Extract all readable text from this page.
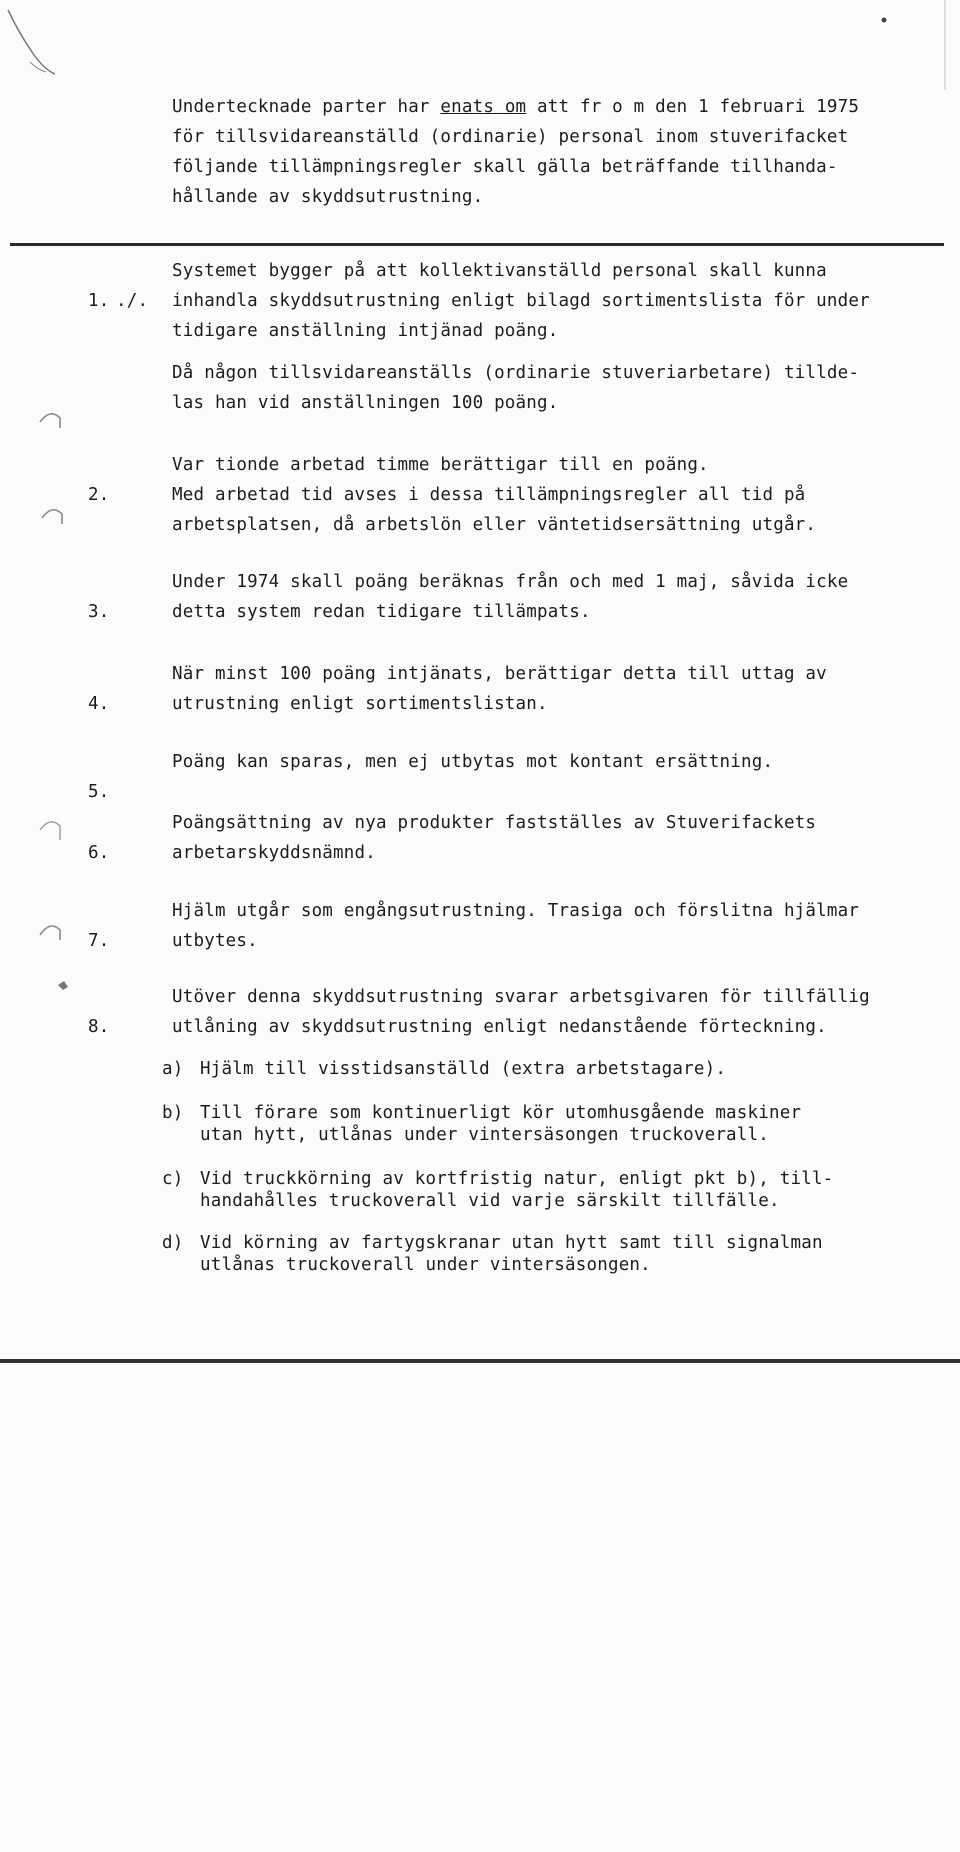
Undertecknade parter har enats om att fr o m den 1 februari 1975
för tillsvidareanställd (ordinarie) personal inom stuverifacket
följande tillämpningsregler skall gälla beträffande tillhanda-
hållande av skyddsutrustning.

1.

./.

Systemet bygger på att kollektivanställd personal skall kunna
inhandla skyddsutrustning enligt bilagd sortimentslista för under
tidigare anställning intjänad poäng.

Då någon tillsvidareanställs (ordinarie stuveriarbetare) tillde-
las han vid anställningen 100 poäng.

2.

Var tionde arbetad timme berättigar till en poäng.
Med arbetad tid avses i dessa tillämpningsregler all tid på
arbetsplatsen, då arbetslön eller väntetidsersättning utgår.

3.

Under 1974 skall poäng beräknas från och med 1 maj, såvida icke
detta system redan tidigare tillämpats.

4.

När minst 100 poäng intjänats, berättigar detta till uttag av
utrustning enligt sortimentslistan.

5.

Poäng kan sparas, men ej utbytas mot kontant ersättning.

6.

Poängsättning av nya produkter fastställes av Stuverifackets
arbetarskyddsnämnd.

7.

Hjälm utgår som engångsutrustning. Trasiga och förslitna hjälmar
utbytes.

8.

Utöver denna skyddsutrustning svarar arbetsgivaren för tillfällig
utlåning av skyddsutrustning enligt nedanstående förteckning.

a)

Hjälm till visstidsanställd (extra arbetstagare).

b)

Till förare som kontinuerligt kör utomhusgående maskiner
utan hytt, utlånas under vintersäsongen truckoverall.

c)

Vid truckkörning av kortfristig natur, enligt pkt b), till-
handahålles truckoverall vid varje särskilt tillfälle.

d)

Vid körning av fartygskranar utan hytt samt till signalman
utlånas truckoverall under vintersäsongen.
